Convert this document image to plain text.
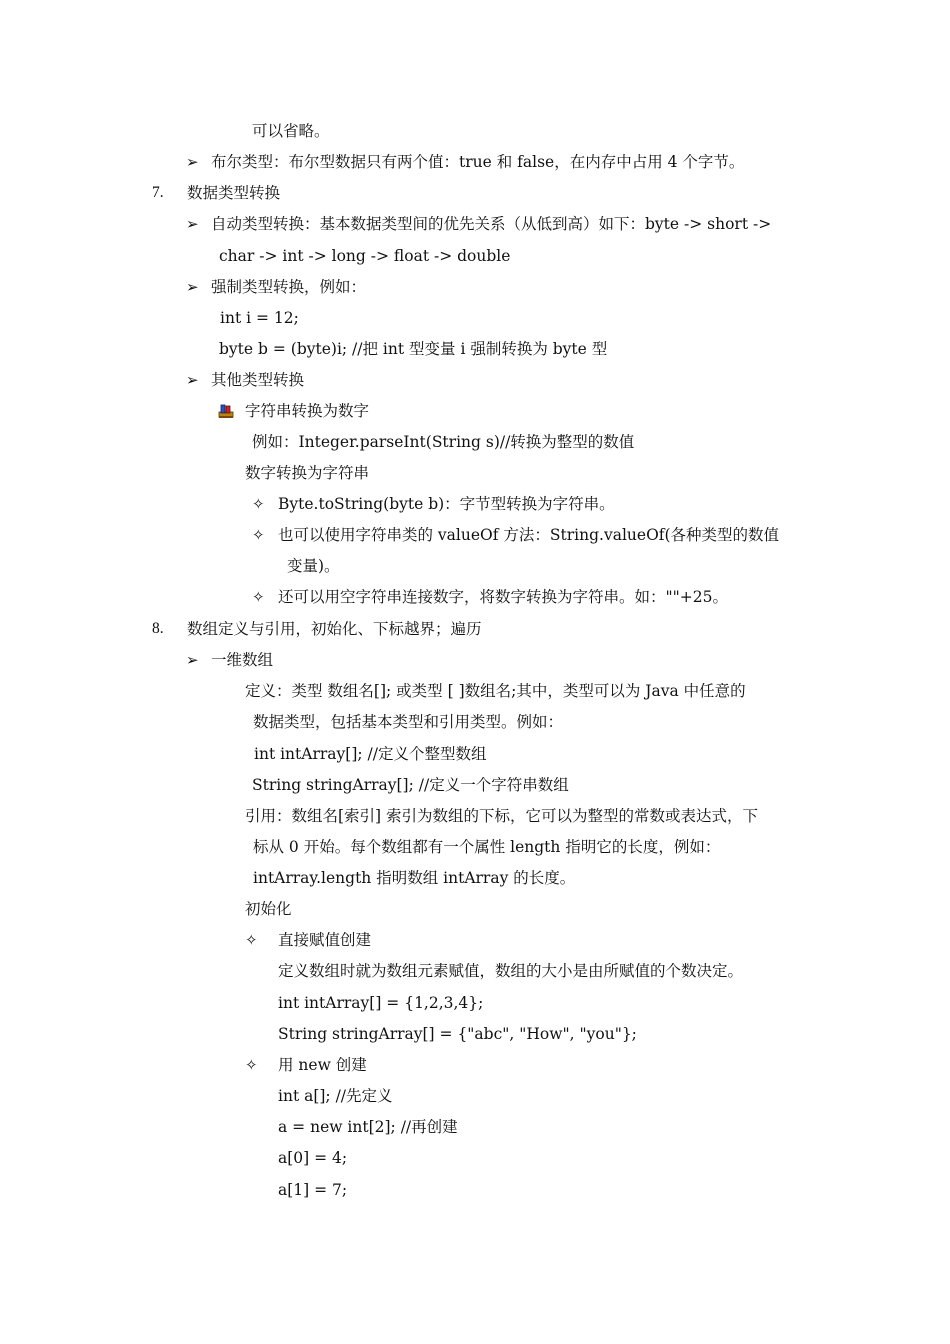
可以省略。
➢ 布尔类型：布尔型数据只有两个值：true 和 false，在内存中占用 4 个字节。
7. 数据类型转换
➢ 自动类型转换：基本数据类型间的优先关系（从低到高）如下：byte -> short ->
char -> int -> long -> float -> double
➢ 强制类型转换，例如：
int i = 12;
byte b = (byte)i; //把 int 型变量 i 强制转换为 byte 型
➢ 其他类型转换
字符串转换为数字
例如：Integer.parseInt(String s)//转换为整型的数值
数字转换为字符串
✧ Byte.toString(byte b)：字节型转换为字符串。
✧ 也可以使用字符串类的 valueOf 方法：String.valueOf(各种类型的数值
变量)。
✧ 还可以用空字符串连接数字，将数字转换为字符串。如：""+25。
8. 数组定义与引用，初始化、下标越界；遍历
➢ 一维数组
定义：类型 数组名[]; 或类型 [ ]数组名;其中，类型可以为 Java 中任意的
数据类型，包括基本类型和引用类型。例如：
int intArray[]; //定义个整型数组
String stringArray[]; //定义一个字符串数组
引用：数组名[索引] 索引为数组的下标，它可以为整型的常数或表达式，下
标从 0 开始。每个数组都有一个属性 length 指明它的长度，例如：
intArray.length 指明数组 intArray 的长度。
初始化
✧ 直接赋值创建
定义数组时就为数组元素赋值，数组的大小是由所赋值的个数决定。
int intArray[] = {1,2,3,4};
String stringArray[] = {"abc", "How", "you"};
✧ 用 new 创建
int a[]; //先定义
a = new int[2]; //再创建
a[0] = 4;
a[1] = 7;
